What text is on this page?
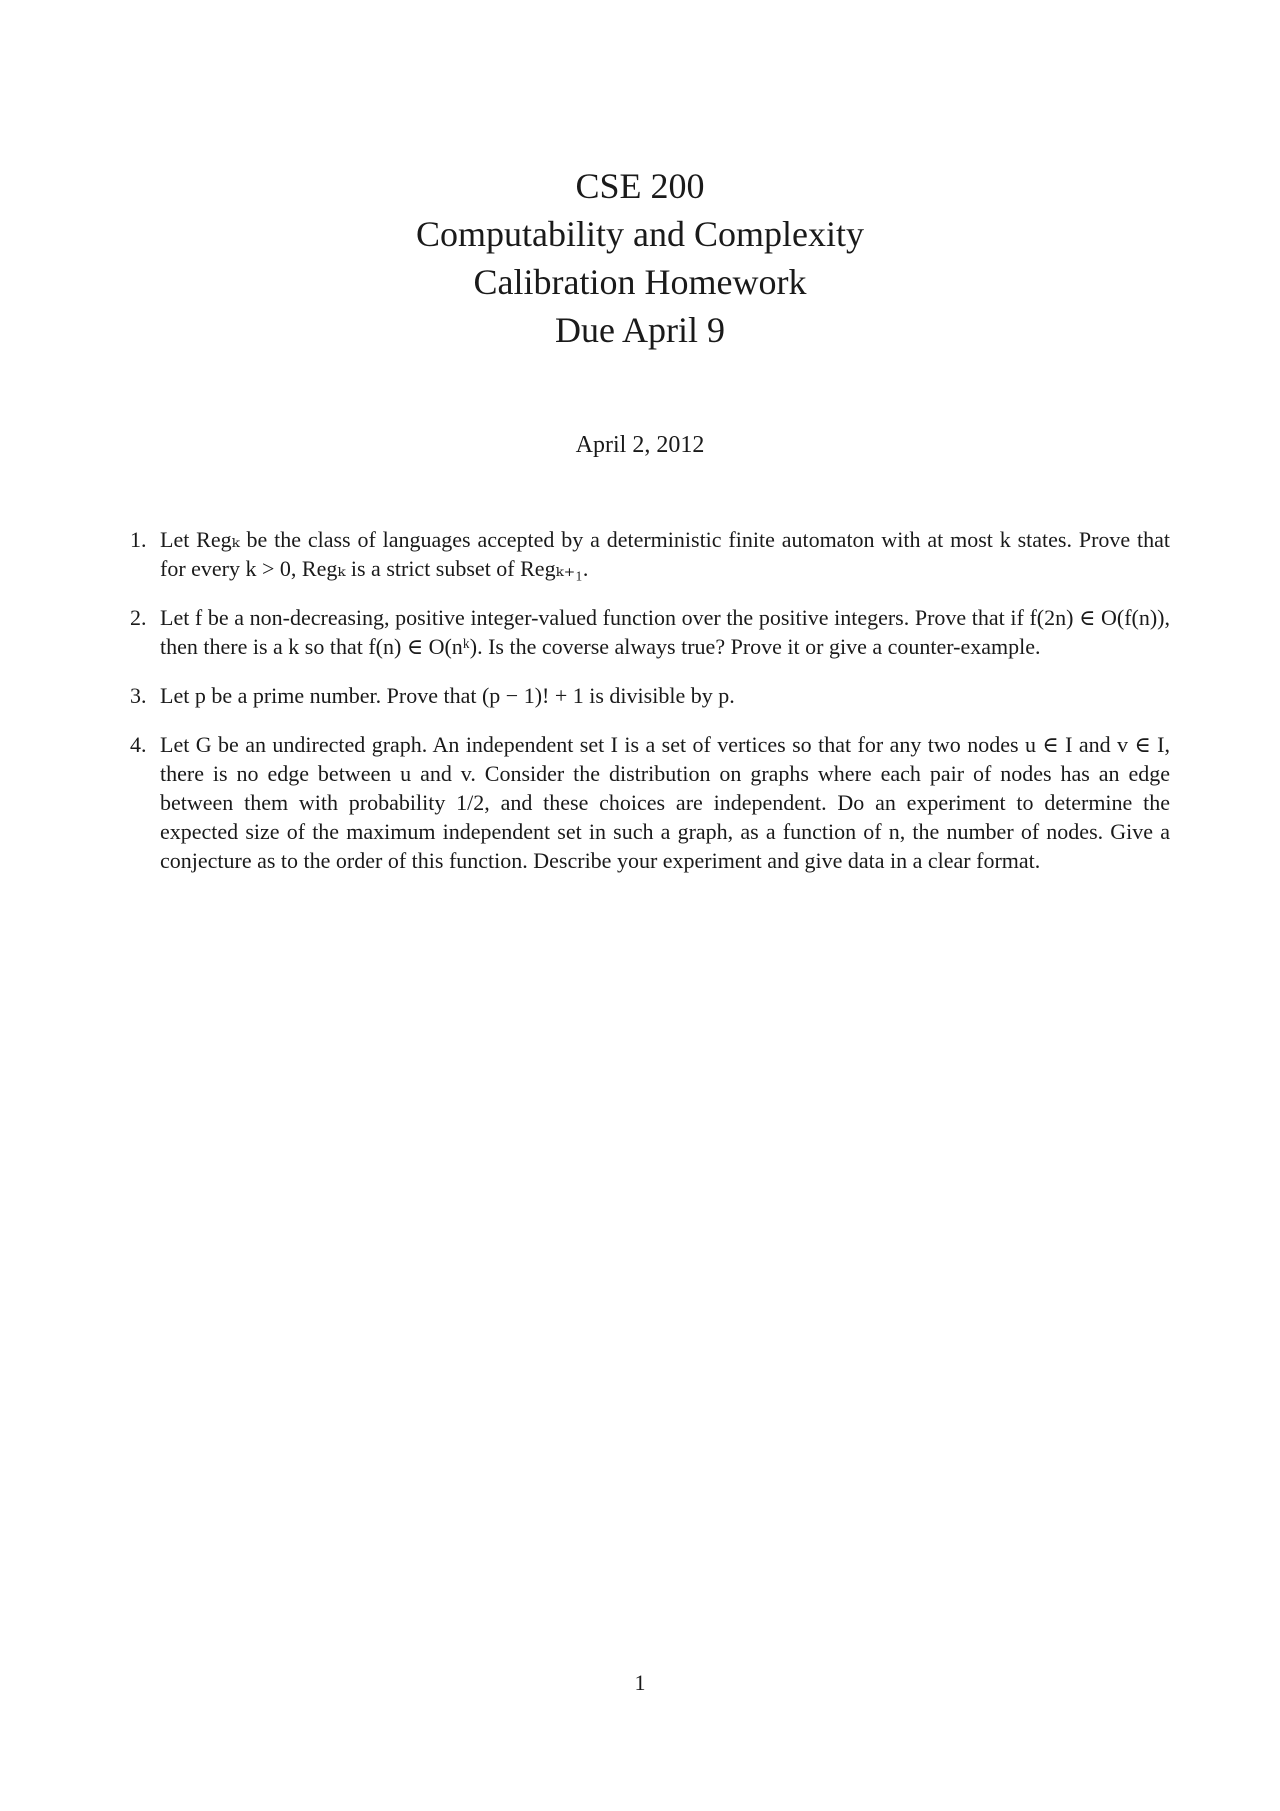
CSE 200
Computability and Complexity
Calibration Homework
Due April 9
April 2, 2012
1. Let Regₖ be the class of languages accepted by a deterministic finite automaton with at most k states. Prove that for every k > 0, Regₖ is a strict subset of Regₖ₊₁.
2. Let f be a non-decreasing, positive integer-valued function over the positive integers. Prove that if f(2n) ∈ O(f(n)), then there is a k so that f(n) ∈ O(nᵏ). Is the coverse always true? Prove it or give a counter-example.
3. Let p be a prime number. Prove that (p − 1)! + 1 is divisible by p.
4. Let G be an undirected graph. An independent set I is a set of vertices so that for any two nodes u ∈ I and v ∈ I, there is no edge between u and v. Consider the distribution on graphs where each pair of nodes has an edge between them with probability 1/2, and these choices are independent. Do an experiment to determine the expected size of the maximum independent set in such a graph, as a function of n, the number of nodes. Give a conjecture as to the order of this function. Describe your experiment and give data in a clear format.
1
